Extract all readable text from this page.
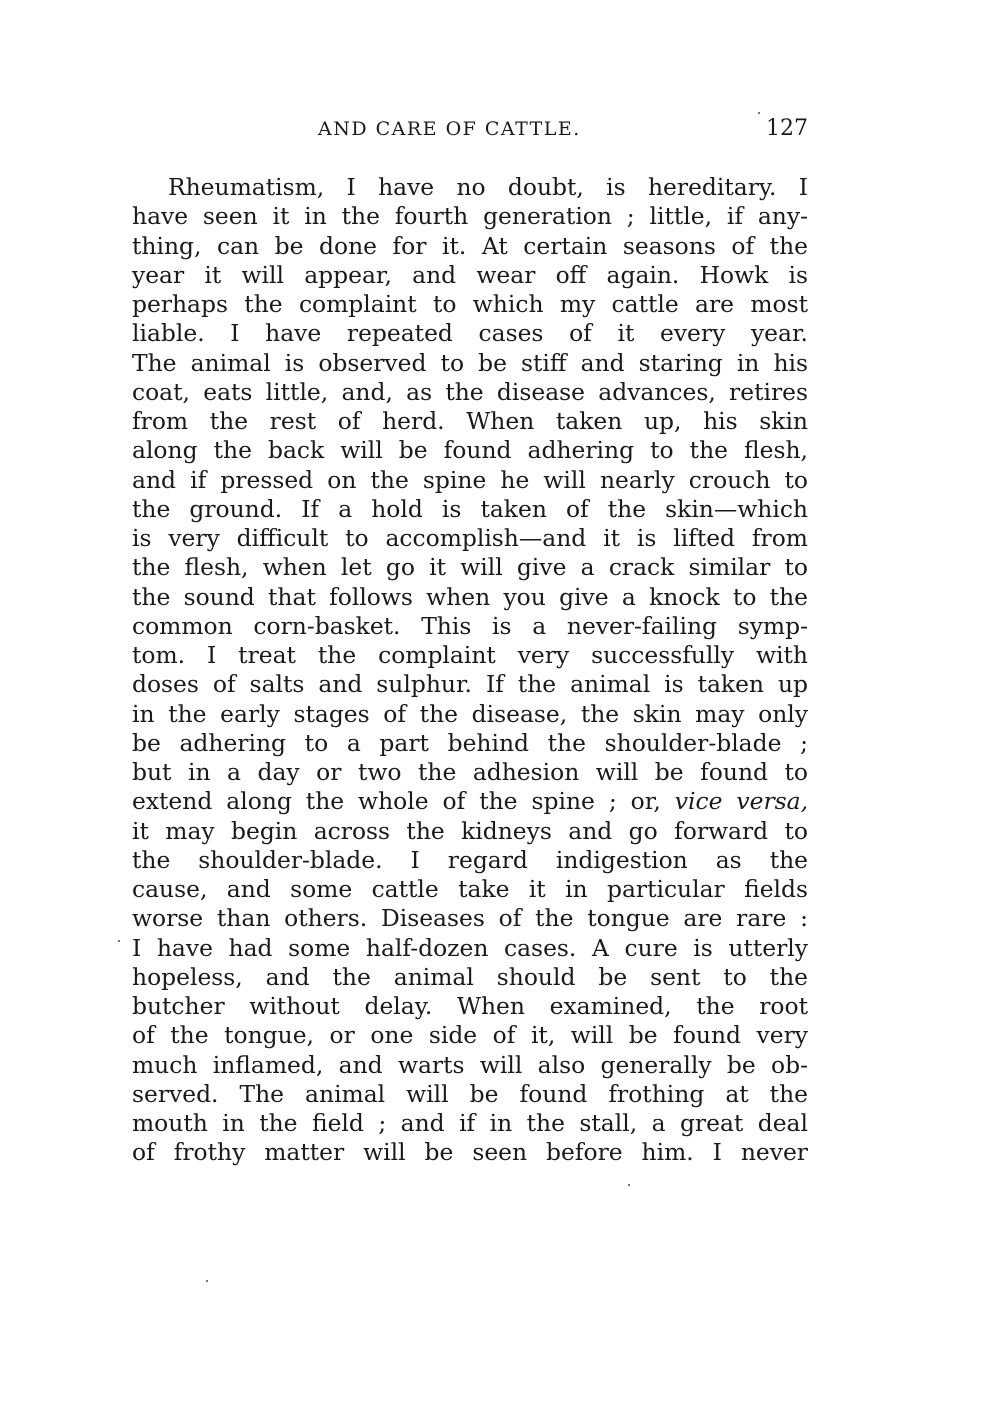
AND CARE OF CATTLE.	127
Rheumatism, I have no doubt, is hereditary. I
have seen it in the fourth generation ; little, if any-
thing, can be done for it. At certain seasons of the
year it will appear, and wear off again. Howk is
perhaps the complaint to which my cattle are most
liable. I have repeated cases of it every year.
The animal is observed to be stiff and staring in his
coat, eats little, and, as the disease advances, retires
from the rest of herd. When taken up, his skin
along the back will be found adhering to the flesh,
and if pressed on the spine he will nearly crouch to
the ground. If a hold is taken of the skin—which
is very difficult to accomplish—and it is lifted from
the flesh, when let go it will give a crack similar to
the sound that follows when you give a knock to the
common corn-basket. This is a never-failing symp-
tom. I treat the complaint very successfully with
doses of salts and sulphur. If the animal is taken up
in the early stages of the disease, the skin may only
be adhering to a part behind the shoulder-blade ;
but in a day or two the adhesion will be found to
extend along the whole of the spine ; or, vice versa,
it may begin across the kidneys and go forward to
the shoulder-blade. I regard indigestion as the
cause, and some cattle take it in particular fields
worse than others. Diseases of the tongue are rare :
I have had some half-dozen cases. A cure is utterly
hopeless, and the animal should be sent to the
butcher without delay. When examined, the root
of the tongue, or one side of it, will be found very
much inflamed, and warts will also generally be ob-
served. The animal will be found frothing at the
mouth in the field ; and if in the stall, a great deal
of frothy matter will be seen before him. I never
